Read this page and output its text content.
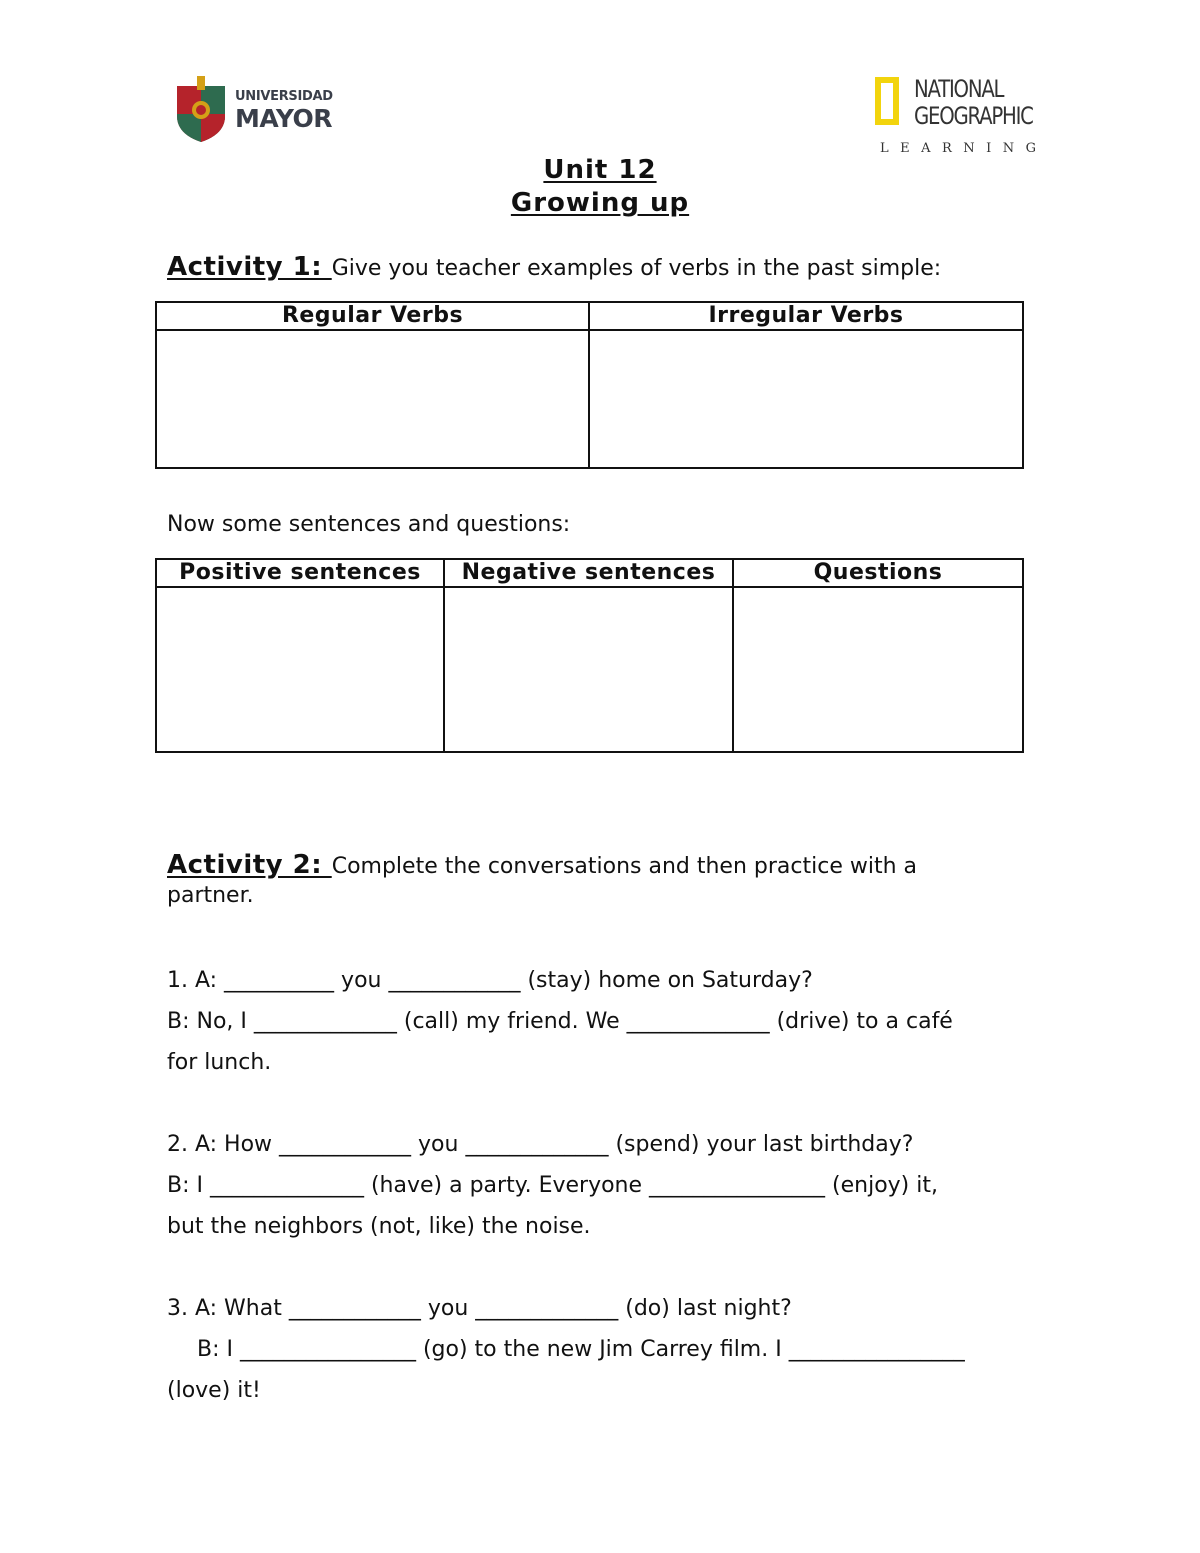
UNIVERSIDAD
MAYOR
NATIONAL
GEOGRAPHIC
LEARNING
Unit 12
Growing up
Activity 1: Give you teacher examples of verbs in the past simple:
Regular Verbs	Irregular Verbs

Now some sentences and questions:
Positive sentences	Negative sentences	Questions

Activity 2: Complete the conversations and then practice with a
partner.
1. A: __________ you ____________ (stay) home on Saturday?
B: No, I _____________ (call) my friend. We _____________ (drive) to a café
for lunch.
2. A: How ____________ you _____________ (spend) your last birthday?
B: I ______________ (have) a party. Everyone ________________ (enjoy) it,
but the neighbors (not, like) the noise.
3. A: What ____________ you _____________ (do) last night?
B: I ________________ (go) to the new Jim Carrey film. I ________________
(love) it!
